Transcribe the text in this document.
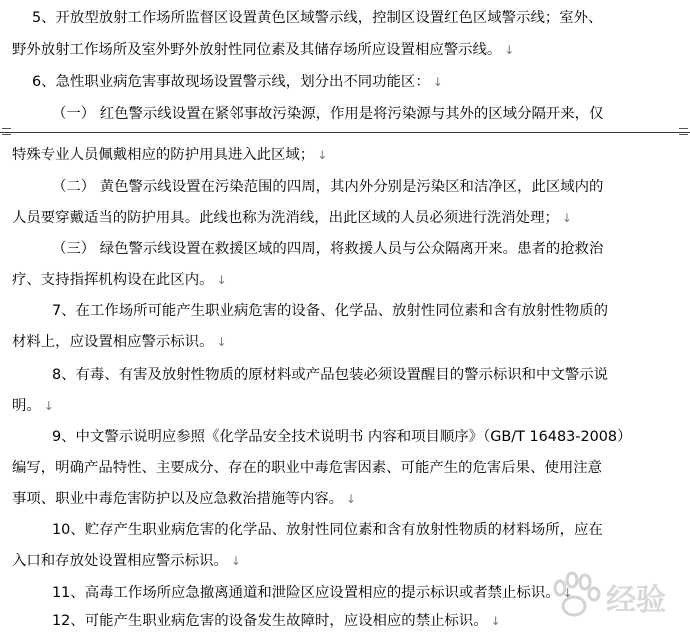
5、开放型放射工作场所监督区设置黄色区域警示线，控制区设置红色区域警示线；室外、
野外放射工作场所及室外野外放射性同位素及其储存场所应设置相应警示线。 ↓
6、急性职业病危害事故现场设置警示线，划分出不同功能区： ↓
（一） 红色警示线设置在紧邻事故污染源，作用是将污染源与其外的区域分隔开来，仅
特殊专业人员佩戴相应的防护用具进入此区域； ↓
（二） 黄色警示线设置在污染范围的四周，其内外分别是污染区和洁净区，此区域内的
人员要穿戴适当的防护用具。此线也称为洗消线，出此区域的人员必须进行洗消处理； ↓
（三） 绿色警示线设置在救援区域的四周，将救援人员与公众隔离开来。患者的抢救治
疗、支持指挥机构设在此区内。 ↓
7、在工作场所可能产生职业病危害的设备、化学品、放射性同位素和含有放射性物质的
材料上，应设置相应警示标识。 ↓
8、有毒、有害及放射性物质的原材料或产品包装必须设置醒目的警示标识和中文警示说
明。 ↓
9、中文警示说明应参照《化学品安全技术说明书 内容和项目顺序》（GB/T 16483-2008）
编写，明确产品特性、主要成分、存在的职业中毒危害因素、可能产生的危害后果、使用注意
事项、职业中毒危害防护以及应急救治措施等内容。 ↓
10、贮存产生职业病危害的化学品、放射性同位素和含有放射性物质的材料场所，应在
入口和存放处设置相应警示标识。 ↓
11、高毒工作场所应急撤离通道和泄险区应设置相应的提示标识或者禁止标识。 ↓
12、可能产生职业病危害的设备发生故障时，应设相应的禁止标识。 ↓
经验
